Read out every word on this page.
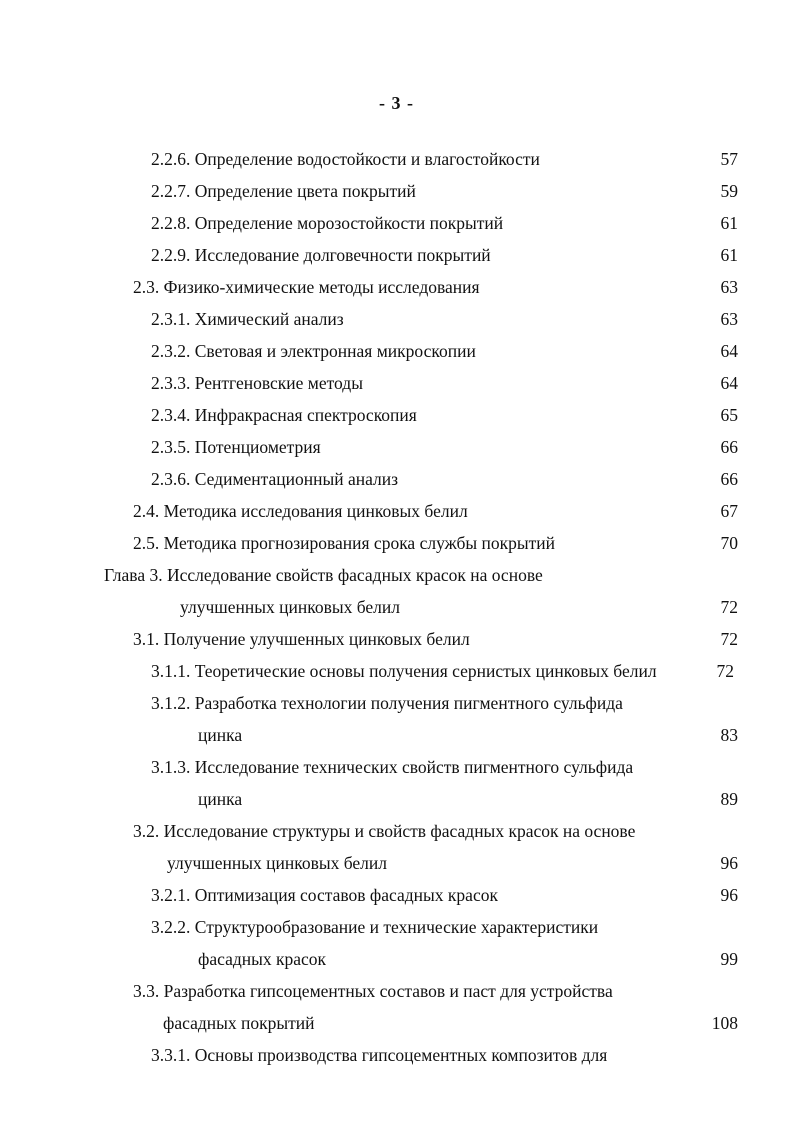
- 3 -
2.2.6. Определение водостойкости и влагостойкости	57
2.2.7. Определение цвета покрытий	59
2.2.8. Определение морозостойкости покрытий	61
2.2.9. Исследование долговечности покрытий	61
2.3. Физико-химические методы исследования	63
2.3.1. Химический анализ	63
2.3.2. Световая и электронная микроскопии	64
2.3.3. Рентгеновские методы	64
2.3.4. Инфракрасная спектроскопия	65
2.3.5. Потенциометрия	66
2.3.6. Седиментационный анализ	66
2.4. Методика исследования цинковых белил	67
2.5. Методика прогнозирования срока службы покрытий	70
Глава 3. Исследование свойств фасадных красок на основе
улучшенных цинковых белил	72
3.1. Получение улучшенных цинковых белил	72
3.1.1. Теоретические основы получения сернистых цинковых белил	72
3.1.2. Разработка технологии получения пигментного сульфида
цинка	83
3.1.3. Исследование технических свойств пигментного сульфида
цинка	89
3.2. Исследование структуры и свойств фасадных красок на основе
улучшенных цинковых белил	96
3.2.1. Оптимизация составов фасадных красок	96
3.2.2. Структурообразование и технические характеристики
фасадных красок	99
3.3. Разработка гипсоцементных составов и паст для устройства
фасадных покрытий	108
3.3.1. Основы производства гипсоцементных композитов для
